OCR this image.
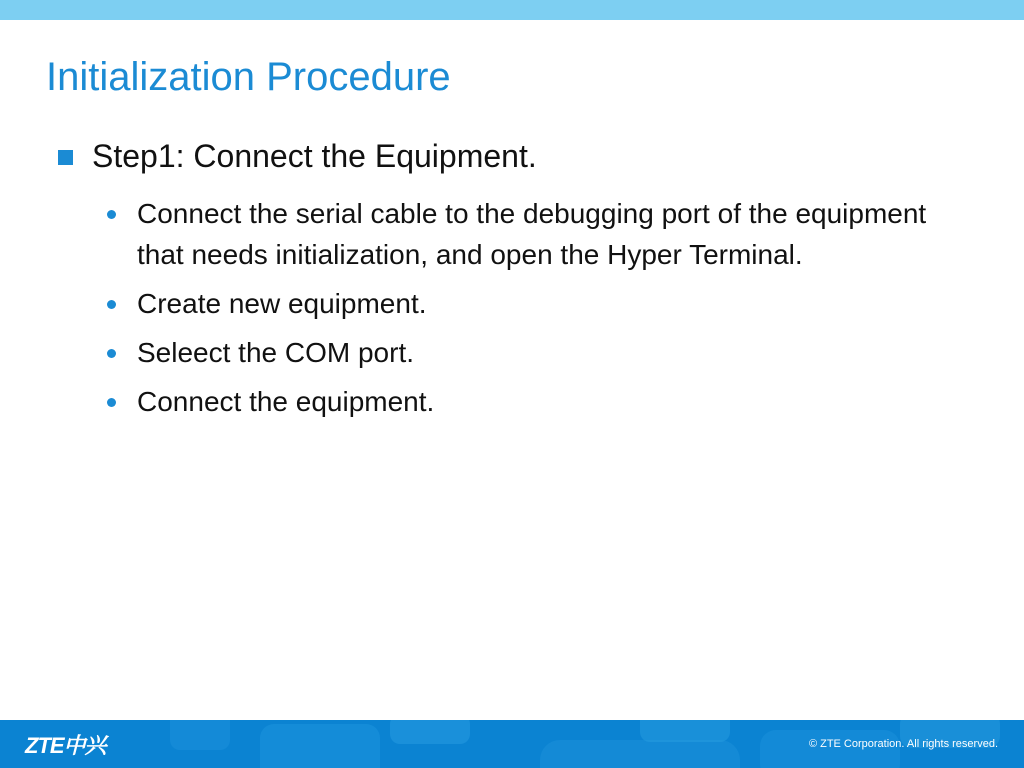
Initialization Procedure
Step1: Connect the Equipment.
Connect the serial cable to the debugging port of the equipment that needs initialization, and open the Hyper Terminal.
Create new equipment.
Seleect the COM port.
Connect the equipment.
ZTE中兴	© ZTE Corporation. All rights reserved.
